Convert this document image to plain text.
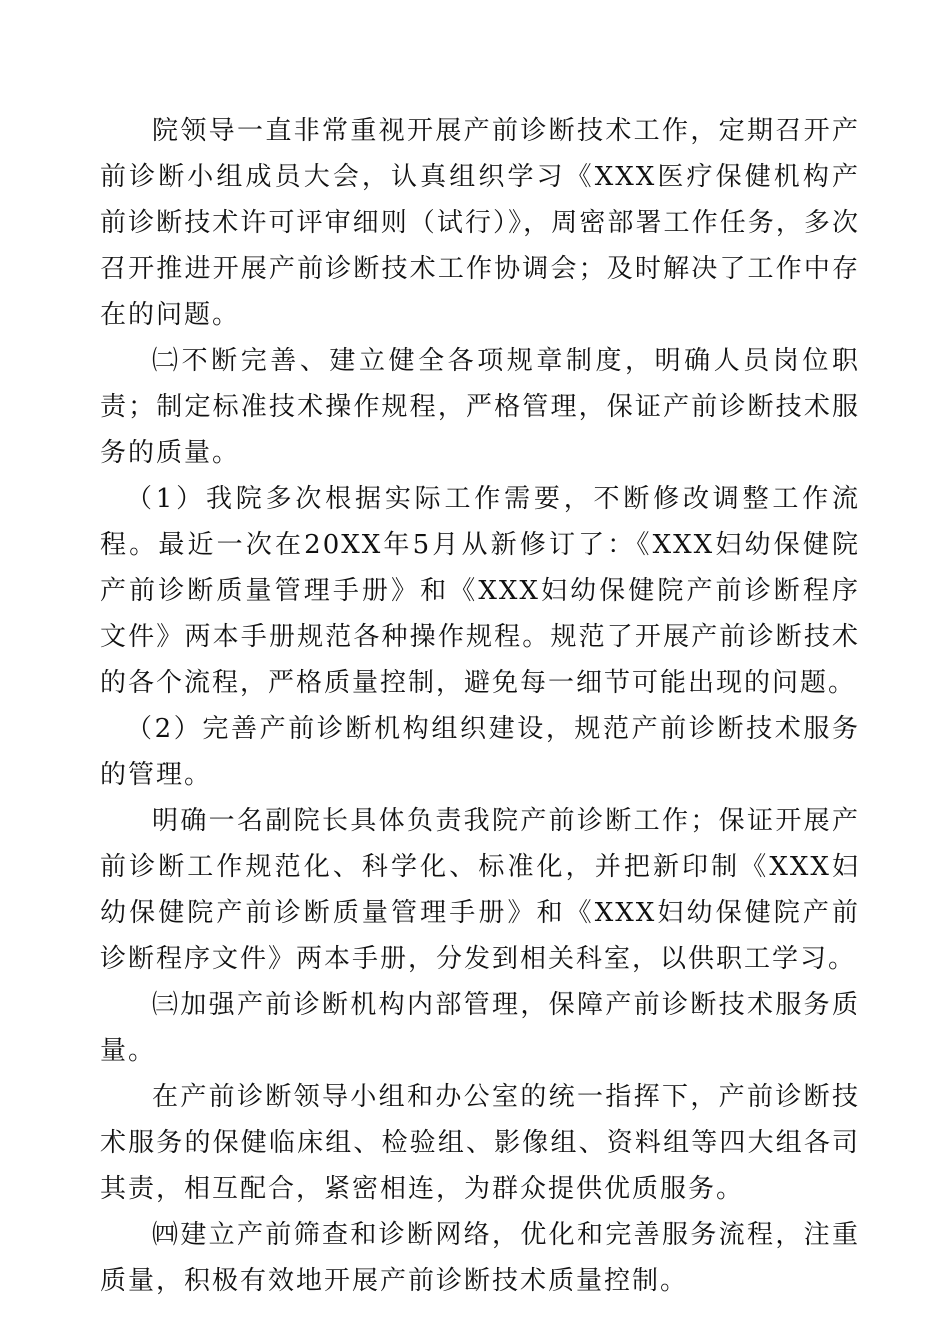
院领导一直非常重视开展产前诊断技术工作，定期召开产前诊断小组成员大会，认真组织学习《XXX医疗保健机构产前诊断技术许可评审细则（试行）》，周密部署工作任务，多次召开推进开展产前诊断技术工作协调会；及时解决了工作中存在的问题。

㈡不断完善、建立健全各项规章制度，明确人员岗位职责；制定标准技术操作规程，严格管理，保证产前诊断技术服务的质量。

（1）我院多次根据实际工作需要，不断修改调整工作流程。最近一次在20XX年5月从新修订了：《XXX妇幼保健院产前诊断质量管理手册》和《XXX妇幼保健院产前诊断程序文件》两本手册规范各种操作规程。规范了开展产前诊断技术的各个流程，严格质量控制，避免每一细节可能出现的问题。

（2）完善产前诊断机构组织建设，规范产前诊断技术服务的管理。

明确一名副院长具体负责我院产前诊断工作；保证开展产前诊断工作规范化、科学化、标准化，并把新印制《XXX妇幼保健院产前诊断质量管理手册》和《XXX妇幼保健院产前诊断程序文件》两本手册，分发到相关科室，以供职工学习。

㈢加强产前诊断机构内部管理，保障产前诊断技术服务质量。

在产前诊断领导小组和办公室的统一指挥下，产前诊断技术服务的保健临床组、检验组、影像组、资料组等四大组各司其责，相互配合，紧密相连，为群众提供优质服务。

㈣建立产前筛查和诊断网络，优化和完善服务流程，注重质量，积极有效地开展产前诊断技术质量控制。
